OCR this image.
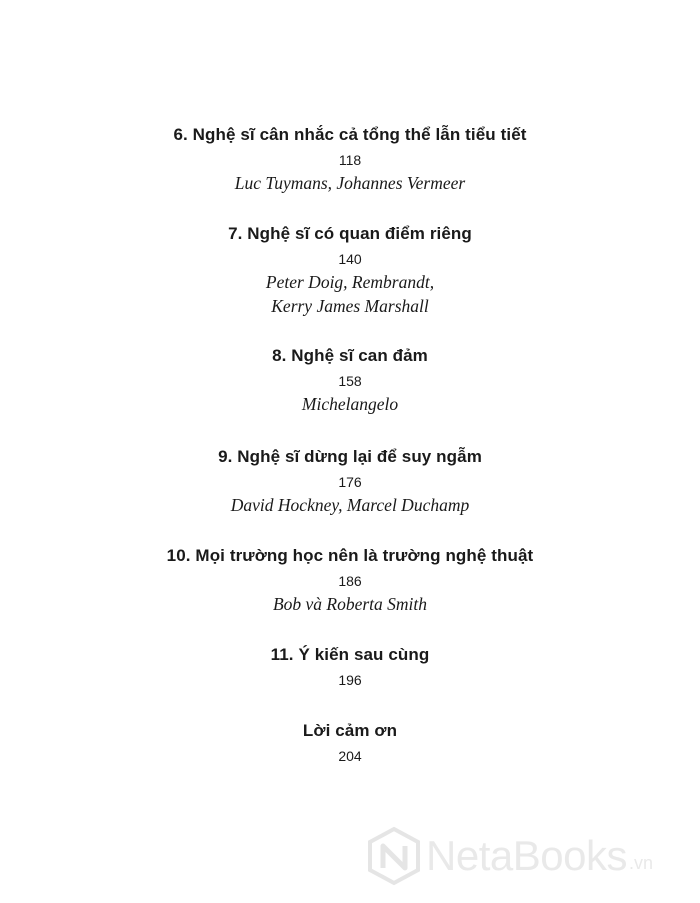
6. Nghệ sĩ cân nhắc cả tổng thể lẫn tiểu tiết
118
Luc Tuymans, Johannes Vermeer
7. Nghệ sĩ có quan điểm riêng
140
Peter Doig, Rembrandt,
Kerry James Marshall
8. Nghệ sĩ can đảm
158
Michelangelo
9. Nghệ sĩ dừng lại để suy ngẫm
176
David Hockney, Marcel Duchamp
10. Mọi trường học nên là trường nghệ thuật
186
Bob và Roberta Smith
11. Ý kiến sau cùng
196
Lời cảm ơn
204
NetaBooks .vn
